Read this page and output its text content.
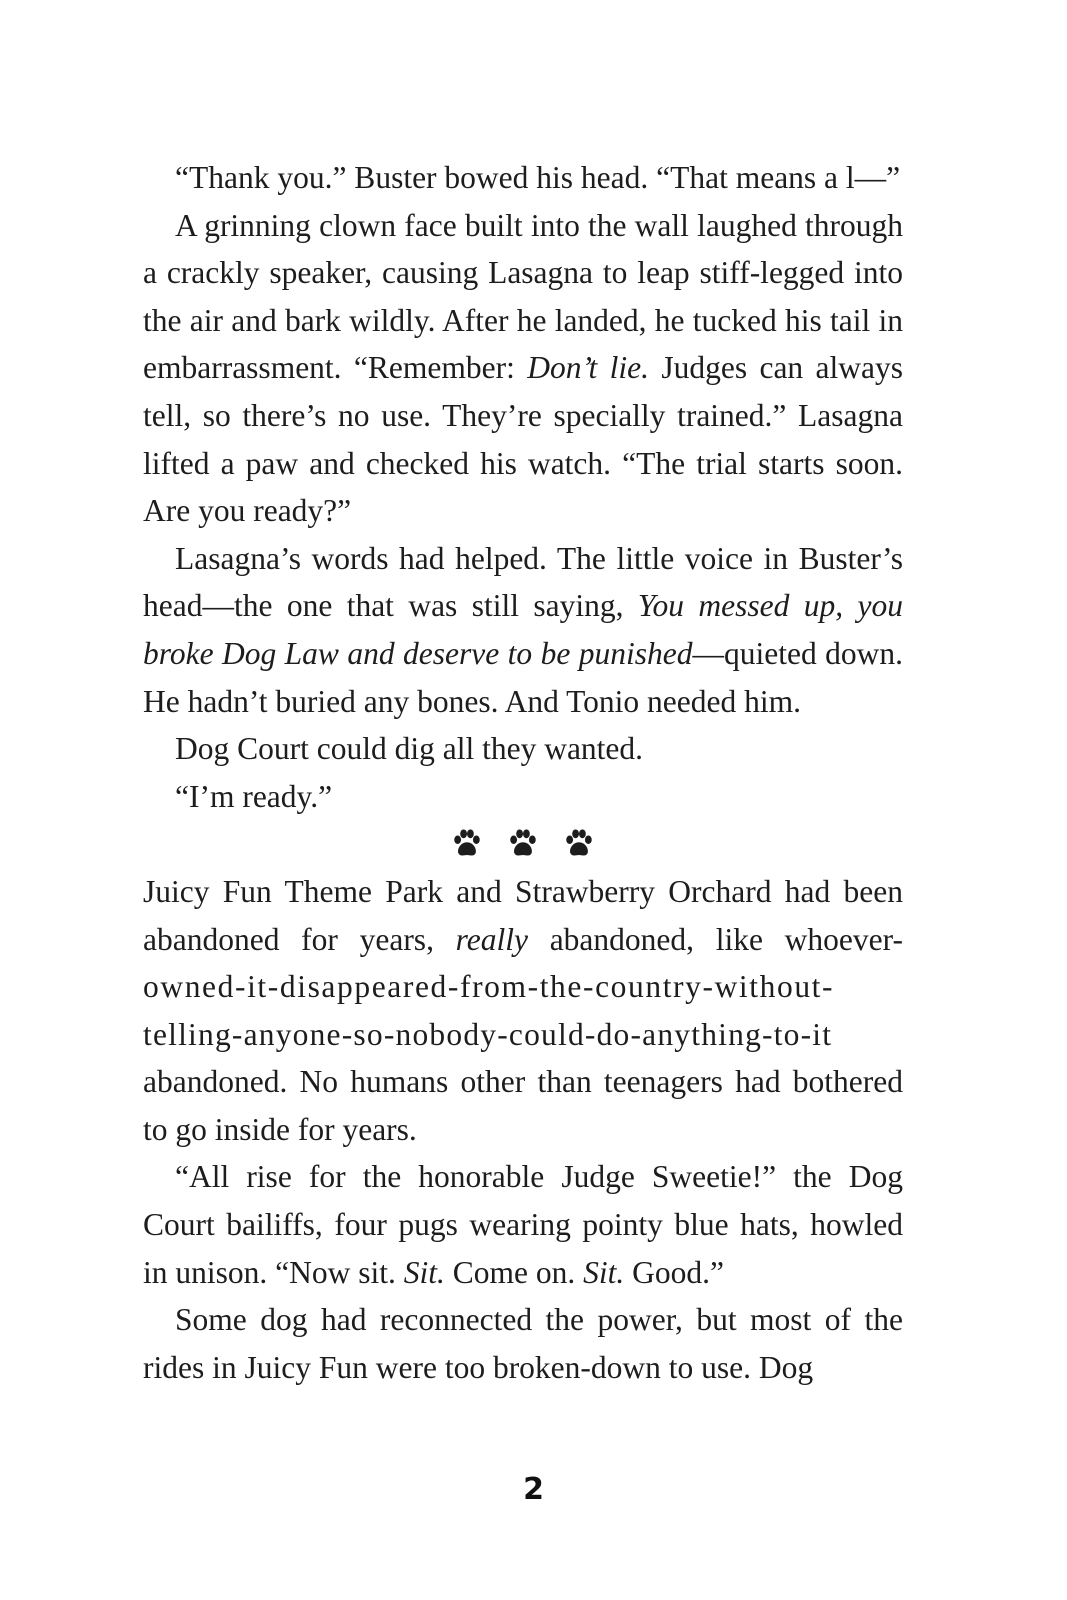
“Thank you.” Buster bowed his head. “That means a l—”

A grinning clown face built into the wall laughed through a crackly speaker, causing Lasagna to leap stiff-legged into the air and bark wildly. After he landed, he tucked his tail in embarrassment. “Remember: Don’t lie. Judges can always tell, so there’s no use. They’re specially trained.” Lasagna lifted a paw and checked his watch. “The trial starts soon. Are you ready?”

Lasagna’s words had helped. The little voice in Buster’s head—the one that was still saying, You messed up, you broke Dog Law and deserve to be punished—quieted down. He hadn’t buried any bones. And Tonio needed him.

Dog Court could dig all they wanted.

“I’m ready.”

Juicy Fun Theme Park and Strawberry Orchard had been
abandoned for years, really abandoned, like whoever-
owned-it-disappeared-from-the-country-without-
telling-anyone-so-nobody-could-do-anything-to-it
abandoned. No humans other than teenagers had bothered to go inside for years.

“All rise for the honorable Judge Sweetie!” the Dog Court bailiffs, four pugs wearing pointy blue hats, howled in unison. “Now sit. Sit. Come on. Sit. Good.”

Some dog had reconnected the power, but most of the rides in Juicy Fun were too broken-down to use. Dog

2
